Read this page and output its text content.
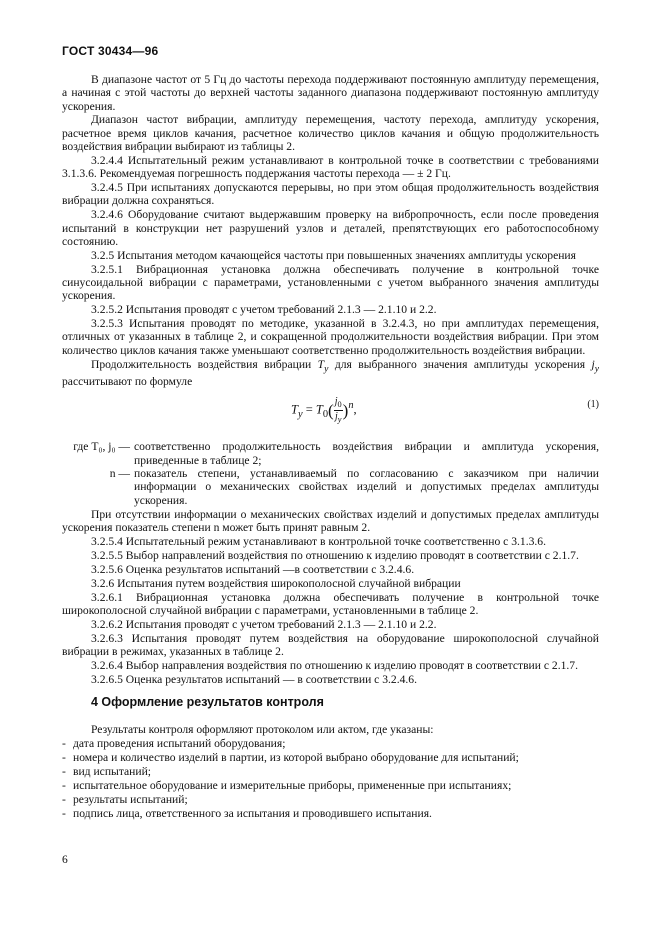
ГОСТ 30434—96

В диапазоне частот от 5 Гц до частоты перехода поддерживают постоянную амплитуду перемещения, а начиная с этой частоты до верхней частоты заданного диапазона поддерживают постоянную амплитуду ускорения.

Диапазон частот вибрации, амплитуду перемещения, частоту перехода, амплитуду ускорения, расчетное время циклов качания, расчетное количество циклов качания и общую продолжительность воздействия вибрации выбирают из таблицы 2.

3.2.4.4 Испытательный режим устанавливают в контрольной точке в соответствии с требованиями 3.1.3.6. Рекомендуемая погрешность поддержания частоты перехода — ± 2 Гц.

3.2.4.5 При испытаниях допускаются перерывы, но при этом общая продолжительность воздействия вибрации должна сохраняться.

3.2.4.6 Оборудование считают выдержавшим проверку на вибропрочность, если после проведения испытаний в конструкции нет разрушений узлов и деталей, препятствующих его работоспособному состоянию.

3.2.5 Испытания методом качающейся частоты при повышенных значениях амплитуды ускорения

3.2.5.1 Вибрационная установка должна обеспечивать получение в контрольной точке синусоидальной вибрации с параметрами, установленными с учетом выбранного значения амплитуды ускорения.

3.2.5.2 Испытания проводят с учетом требований 2.1.3 — 2.1.10 и 2.2.

3.2.5.3 Испытания проводят по методике, указанной в 3.2.4.3, но при амплитудах перемещения, отличных от указанных в таблице 2, и сокращенной продолжительности воздействия вибрации. При этом количество циклов качания также уменьшают соответственно продолжительность воздействия вибрации.

Продолжительность воздействия вибрации $T_y$ для выбранного значения амплитуды ускорения $j_y$ рассчитывают по формуле

$T_y = T_0( \frac{j_0}{j_y} )^n$,	(1)
где T₀, j₀ — соответственно продолжительность воздействия вибрации и амплитуда ускорения, приведенные в таблице 2;
n — показатель степени, устанавливаемый по согласованию с заказчиком при наличии информации о механических свойствах изделий и допустимых пределах амплитуды ускорения.

При отсутствии информации о механических свойствах изделий и допустимых пределах амплитуды ускорения показатель степени n может быть принят равным 2.

3.2.5.4 Испытательный режим устанавливают в контрольной точке соответственно с 3.1.3.6.

3.2.5.5 Выбор направлений воздействия по отношению к изделию проводят в соответствии с 2.1.7.

3.2.5.6 Оценка результатов испытаний —в соответствии с 3.2.4.6.

3.2.6 Испытания путем воздействия широкополосной случайной вибрации

3.2.6.1 Вибрационная установка должна обеспечивать получение в контрольной точке широкополосной случайной вибрации с параметрами, установленными в таблице 2.

3.2.6.2 Испытания проводят с учетом требований 2.1.3 — 2.1.10 и 2.2.

3.2.6.3 Испытания проводят путем воздействия на оборудование широкополосной случайной вибрации в режимах, указанных в таблице 2.

3.2.6.4 Выбор направления воздействия по отношению к изделию проводят в соответствии с 2.1.7.

3.2.6.5 Оценка результатов испытаний — в соответствии с 3.2.4.6.

4 Оформление результатов контроля

Результаты контроля оформляют протоколом или актом, где указаны:

- дата проведения испытаний оборудования;
- номера и количество изделий в партии, из которой выбрано оборудование для испытаний;
- вид испытаний;
- испытательное оборудование и измерительные приборы, примененные при испытаниях;
- результаты испытаний;
- подпись лица, ответственного за испытания и проводившего испытания.
6
